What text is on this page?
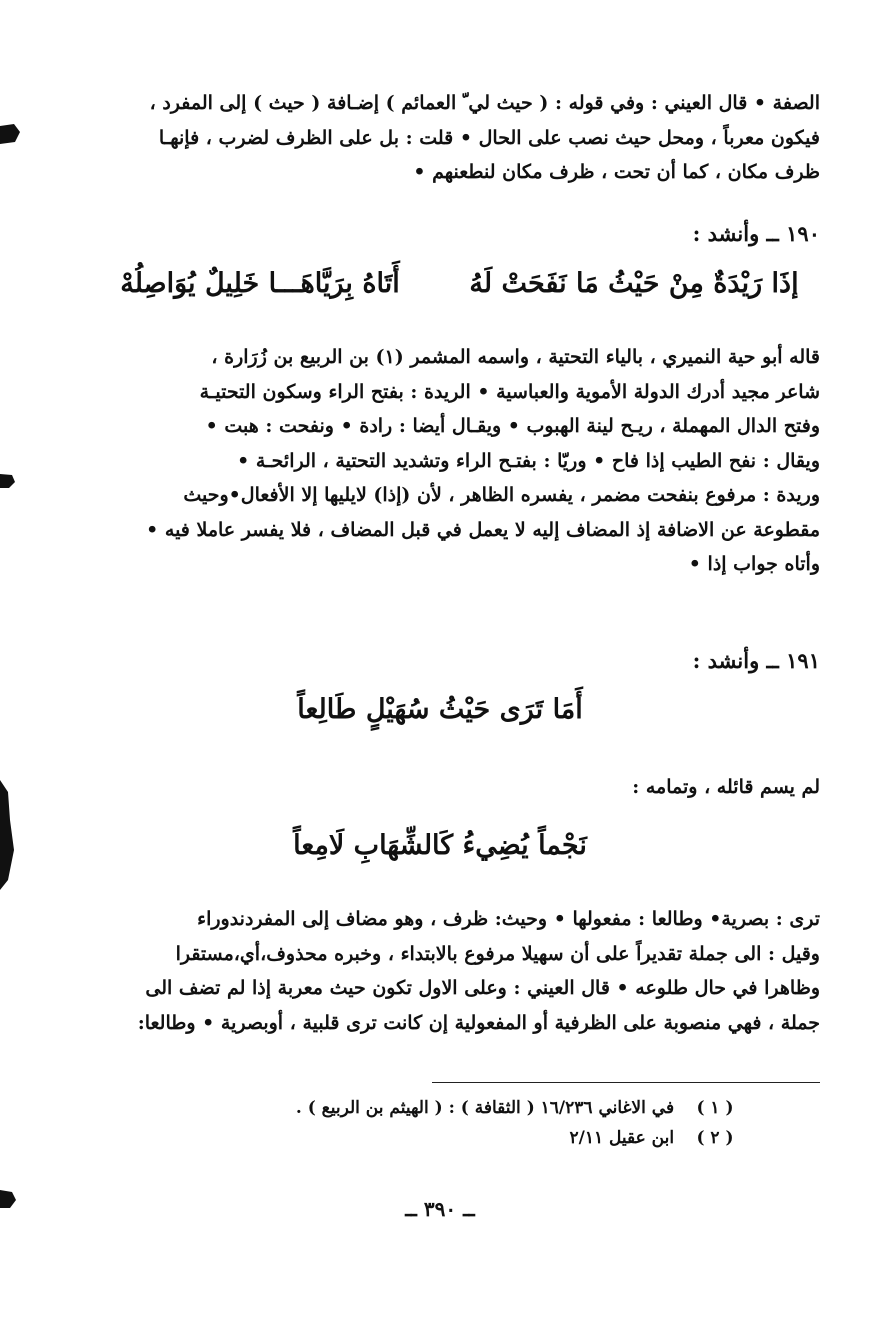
الصفة • قال العيني : وفي قوله : ( حيث لي ّ العمائم ) إضـافة ( حيث ) إلى المفرد ،
فيكون معرباً ، ومحل حيث نصب على الحال • قلت : بل على الظرف لضرب ، فإنهـا
ظرف مكان ، كما أن تحت ، ظرف مكان لنطعنهم •
١٩٠ ــ وأنشد :
إذَا رَيْدَةٌ مِنْ حَيْثُ مَا نَفَحَتْ لَهُ
أَتَاهُ بِرَيَّاهَـــا خَلِيلٌ يُوَاصِلُهْ
قاله أبو حية النميري ، بالياء التحتية ، واسمه المشمر (١) بن الربيع بن زُرَارة ،
شاعر مجيد أدرك الدولة الأموية والعباسية • الريدة : بفتح الراء وسكون التحتيـة
وفتح الدال المهملة ، ريـح لينة الهبوب • ويقـال أيضا : رادة • ونفحت : هبت •
ويقال : نفح الطيب إذا فاح • وريّا : بفتـح الراء وتشديد التحتية ، الرائحـة •
وريدة : مرفوع بنفحت مضمر ، يفسره الظاهر ، لأن (إذا) لايليها إلا الأفعال•وحيث
مقطوعة عن الاضافة إذ المضاف إليه لا يعمل في قبل المضاف ، فلا يفسر عاملا فيه •
وأتاه جواب إذا •
١٩١ ــ وأنشد :
أَمَا تَرَى حَيْثُ سُهَيْلٍ طَالِعاً
لم يسم قائله ، وتمامه :
نَجْماً يُضِيءُ كَالشِّهَابِ لَامِعاً
ترى : بصرية• وطالعا : مفعولها • وحيث: ظرف ، وهو مضاف إلى المفردندوراء
وقيل : الى جملة تقديراً على أن سهيلا مرفوع بالابتداء ، وخبره محذوف،أي،مستقرا
وظاهرا في حال طلوعه • قال العيني : وعلى الاول تكون حيث معربة إذا لم تضف الى
جملة ، فهي منصوبة على الظرفية أو المفعولية إن كانت ترى قلبية ، أوبصرية • وطالعا:
( ١ ) في الاغاني ١٦/٢٣٦ ( الثقافة ) : ( الهيثم بن الربيع ) .
( ٢ ) ابن عقيل ٢/١١
ــ ٣٩٠ ــ
